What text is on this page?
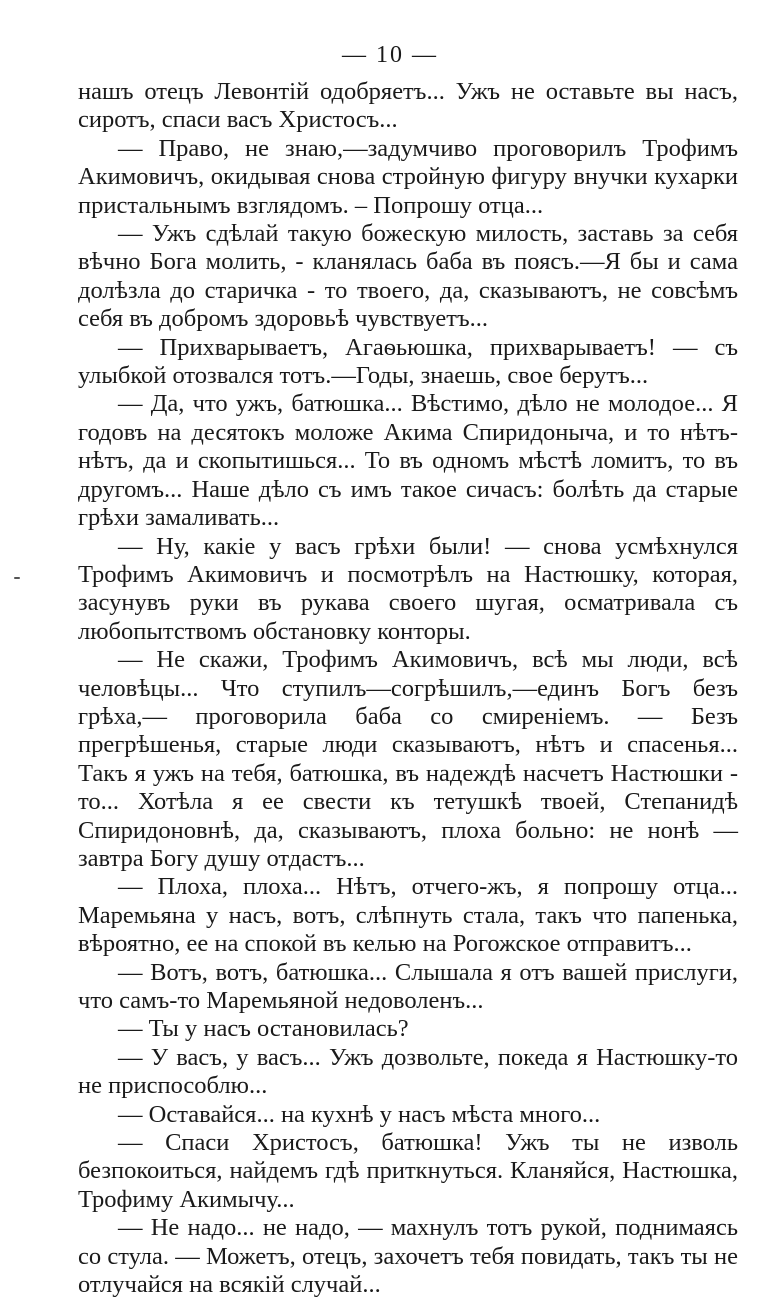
— 10 —

нашъ отецъ Левонтій одобряетъ... Ужъ не оставьте вы насъ, сиротъ, спаси васъ Христосъ...

— Право, не знаю,—задумчиво проговорилъ Трофимъ Акимовичъ, окидывая снова стройную фигуру внучки кухарки пристальнымъ взглядомъ. – Попрошу отца...

— Ужъ сдѣлай такую божескую милость, заставь за себя вѣчно Бога молить, - кланялась баба въ поясъ.—Я бы и сама долѣзла до старичка - то твоего, да, сказываютъ, не совсѣмъ себя въ добромъ здоровьѣ чувствуетъ...

— Прихварываетъ, Агаѳьюшка, прихварываетъ! — съ улыбкой отозвался тотъ.—Годы, знаешь, свое берутъ...

— Да, что ужъ, батюшка... Вѣстимо, дѣло не молодое... Я годовъ на десятокъ моложе Акима Спиридоныча, и то нѣтъ-нѣтъ, да и скопытишься... То въ одномъ мѣстѣ ломитъ, то въ другомъ... Наше дѣло съ имъ такое сичасъ: болѣть да старые грѣхи замаливать...

— Ну, какіе у васъ грѣхи были! — снова усмѣхнулся Трофимъ Акимовичъ и посмотрѣлъ на Настюшку, которая, засунувъ руки въ рукава своего шугая, осматривала съ любопытствомъ обстановку конторы.

— Не скажи, Трофимъ Акимовичъ, всѣ мы люди, всѣ человѣцы... Что ступилъ—согрѣшилъ,—единъ Богъ безъ грѣха,— проговорила баба со смиреніемъ. — Безъ прегрѣшенья, старые люди сказываютъ, нѣтъ и спасенья... Такъ я ужъ на тебя, батюшка, въ надеждѣ насчетъ Настюшки - то... Хотѣла я ее свести къ тетушкѣ твоей, Степанидѣ Спиридоновнѣ, да, сказываютъ, плоха больно: не нонѣ — завтра Богу душу отдастъ...

— Плоха, плоха... Нѣтъ, отчего-жъ, я попрошу отца... Маремьяна у насъ, вотъ, слѣпнуть стала, такъ что папенька, вѣроятно, ее на спокой въ келью на Рогожское отправитъ...

— Вотъ, вотъ, батюшка... Слышала я отъ вашей прислуги, что самъ-то Маремьяной недоволенъ...

— Ты у насъ остановилась?

— У васъ, у васъ... Ужъ дозвольте, покеда я Настюшку-то не приспособлю...

— Оставайся... на кухнѣ у насъ мѣста много...

— Спаси Христосъ, батюшка! Ужъ ты не изволь безпокоиться, найдемъ гдѣ приткнуться. Кланяйся, Настюшка, Трофиму Акимычу...

— Не надо... не надо, — махнулъ тотъ рукой, поднимаясь со стула. — Можетъ, отецъ, захочетъ тебя повидать, такъ ты не отлучайся на всякій случай...
